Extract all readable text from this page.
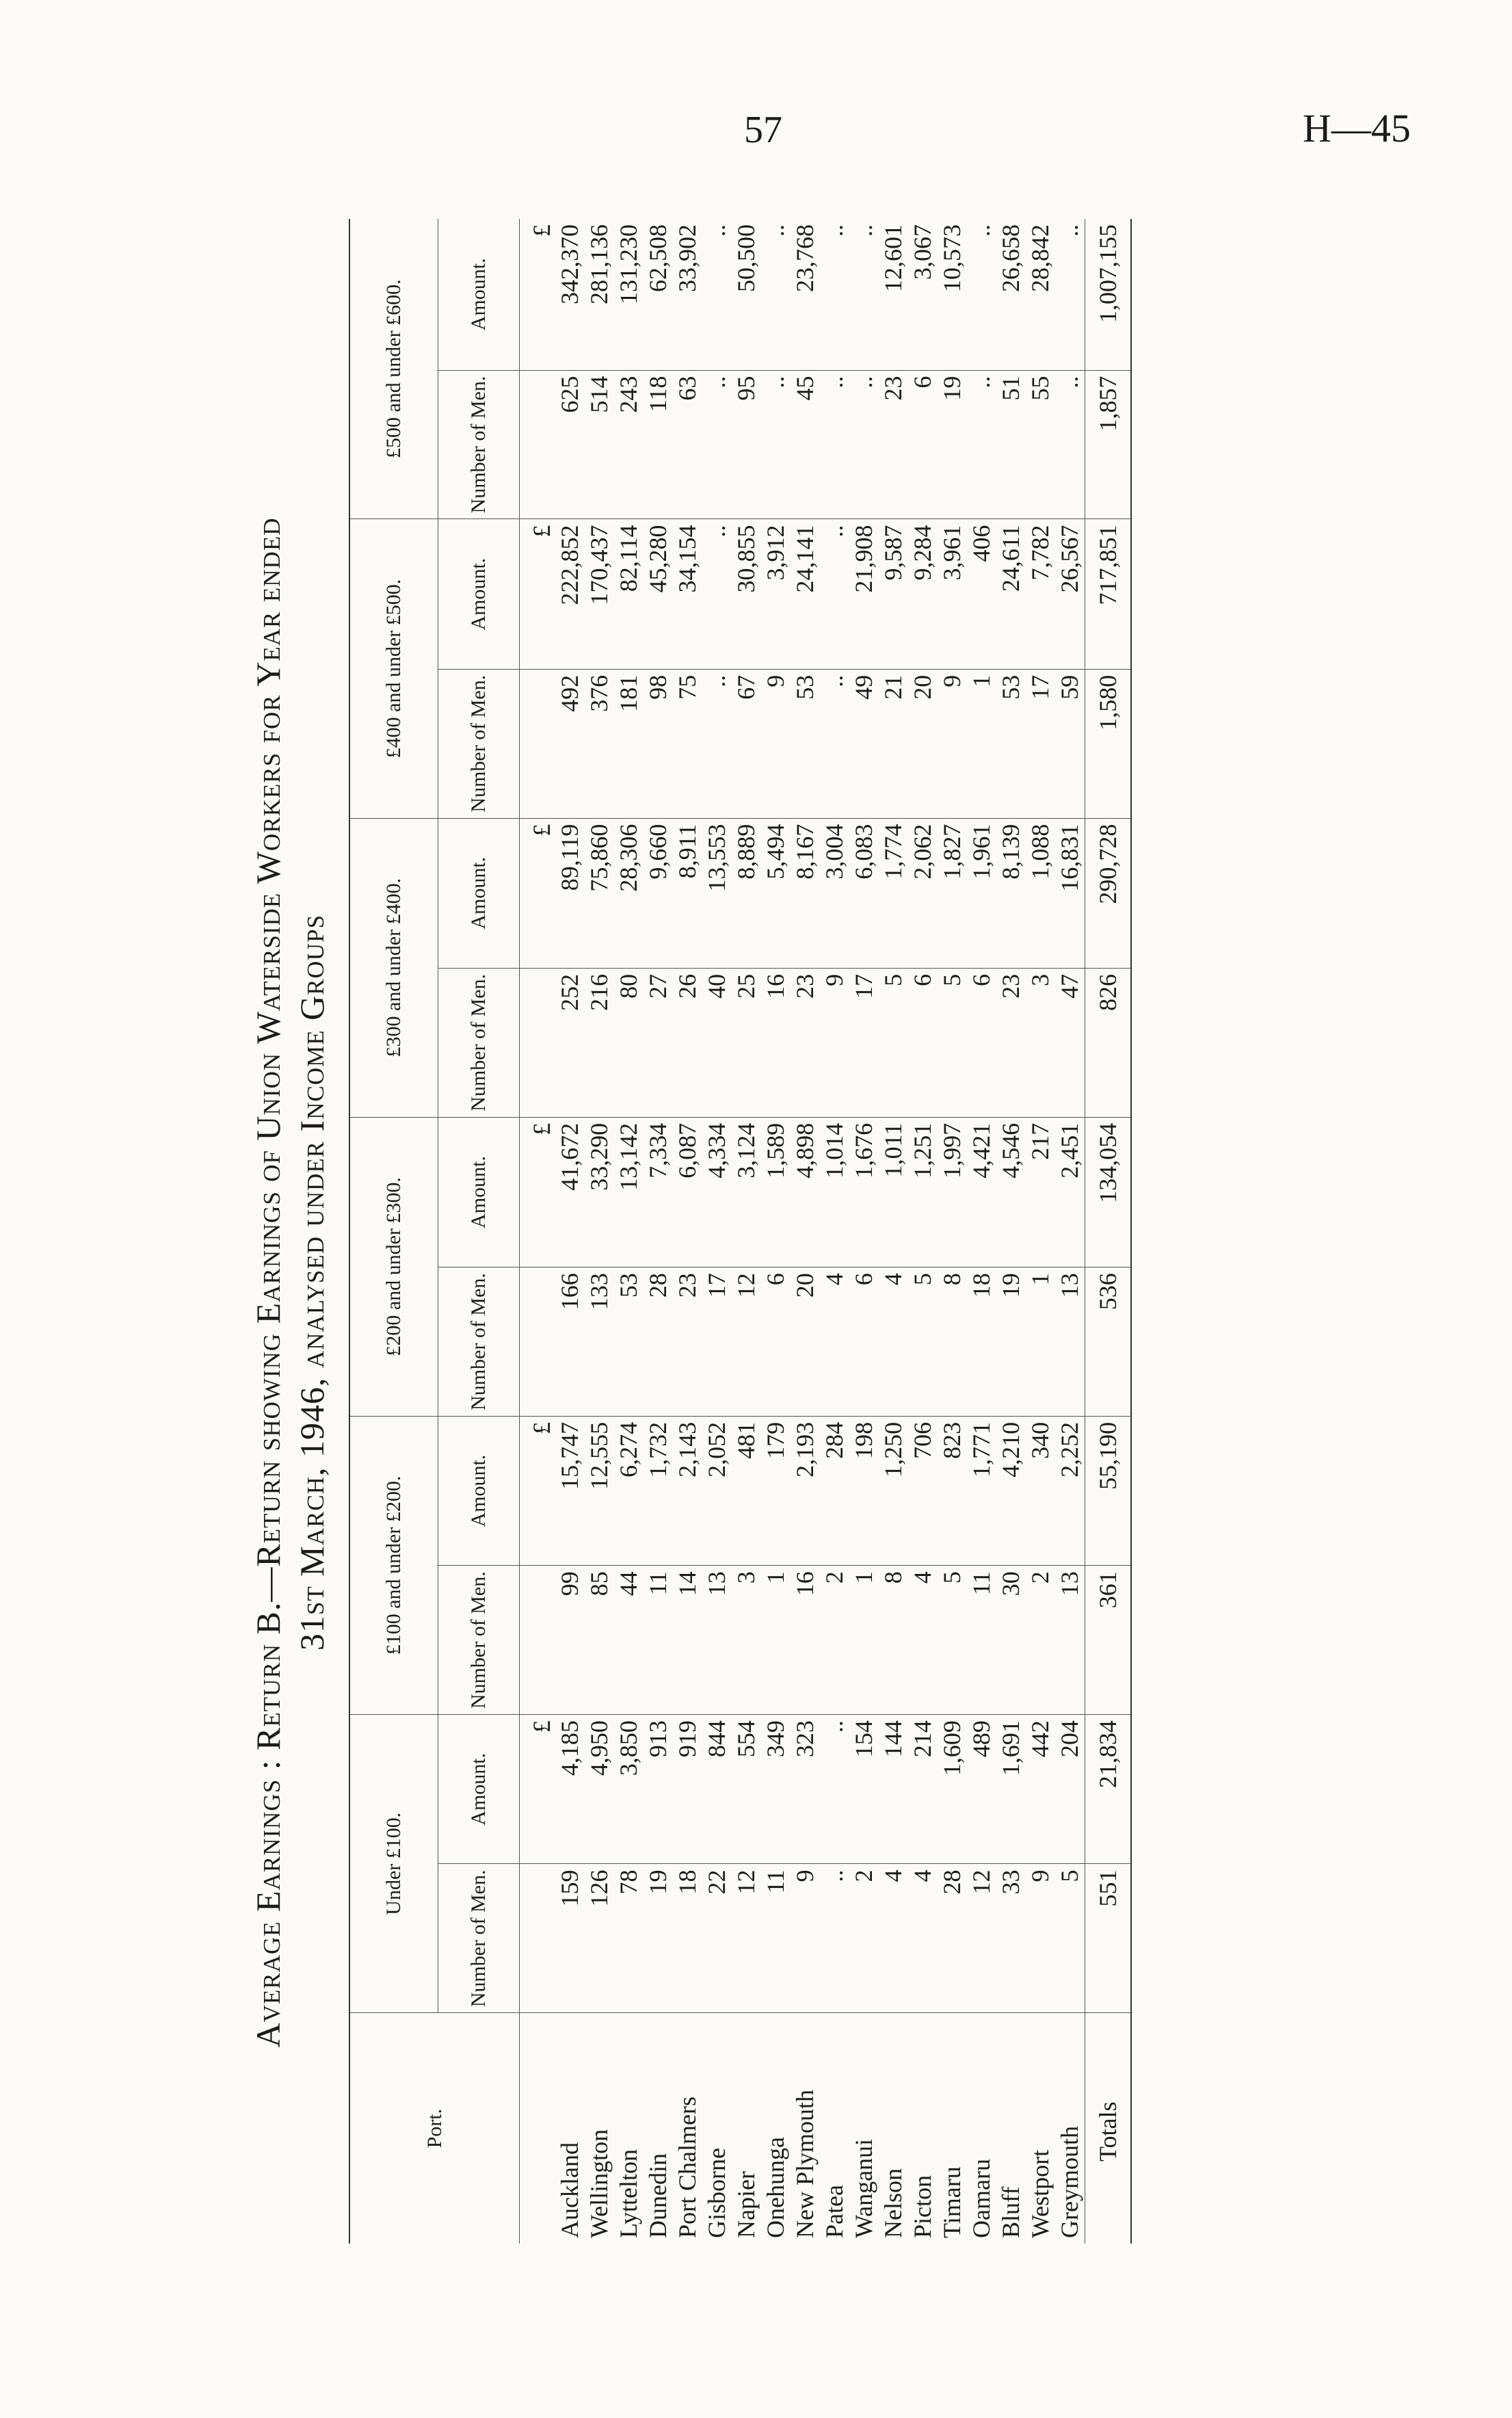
57	H—45
Average Earnings : Return B.—Return showing Earnings of Union Waterside Workers for Year ended 31st March, 1946, analysed under Income Groups
Port.	Under £100.		£100 and under £200.		£200 and under £300.		£300 and under £400.		£400 and under £500.		£500 and under £600.	
	Number of Men.	Amount.	Number of Men.	Amount.	Number of Men.	Amount.	Number of Men.	Amount.	Number of Men.	Amount.	Number of Men.	Amount.
		£		£		£		£		£		£
Auckland	159	4,185	99	15,747	166	41,672	252	89,119	492	222,852	625	342,370
Wellington	126	4,950	85	12,555	133	33,290	216	75,860	376	170,437	514	281,136
Lyttelton	78	3,850	44	6,274	53	13,142	80	28,306	181	82,114	243	131,230
Dunedin	19	913	11	1,732	28	7,334	27	9,660	98	45,280	118	62,508
Port Chalmers	18	919	14	2,143	23	6,087	26	8,911	75	34,154	63	33,902
Gisborne	22	844	13	2,052	17	4,334	40	13,553	..	..	..	..
Napier	12	554	3	481	12	3,124	25	8,889	67	30,855	95	50,500
Onehunga	11	349	1	179	6	1,589	16	5,494	9	3,912	..	..
New Plymouth	9	323	16	2,193	20	4,898	23	8,167	53	24,141	45	23,768
Patea	..	..	2	284	4	1,014	9	3,004	..	..	..	..
Wanganui	2	154	1	198	6	1,676	17	6,083	49	21,908	..	..
Nelson	4	144	8	1,250	4	1,011	5	1,774	21	9,587	23	12,601
Picton	4	214	4	706	5	1,251	6	2,062	20	9,284	6	3,067
Timaru	28	1,609	5	823	8	1,997	5	1,827	9	3,961	19	10,573
Oamaru	12	489	11	1,771	18	4,421	6	1,961	1	406	..	..
Bluff	33	1,691	30	4,210	19	4,546	23	8,139	53	24,611	51	26,658
Westport	9	442	2	340	1	217	3	1,088	17	7,782	55	28,842
Greymouth	5	204	13	2,252	13	2,451	47	16,831	59	26,567	..	..
Totals	551	21,834	361	55,190	536	134,054	826	290,728	1,580	717,851	1,857	1,007,155
